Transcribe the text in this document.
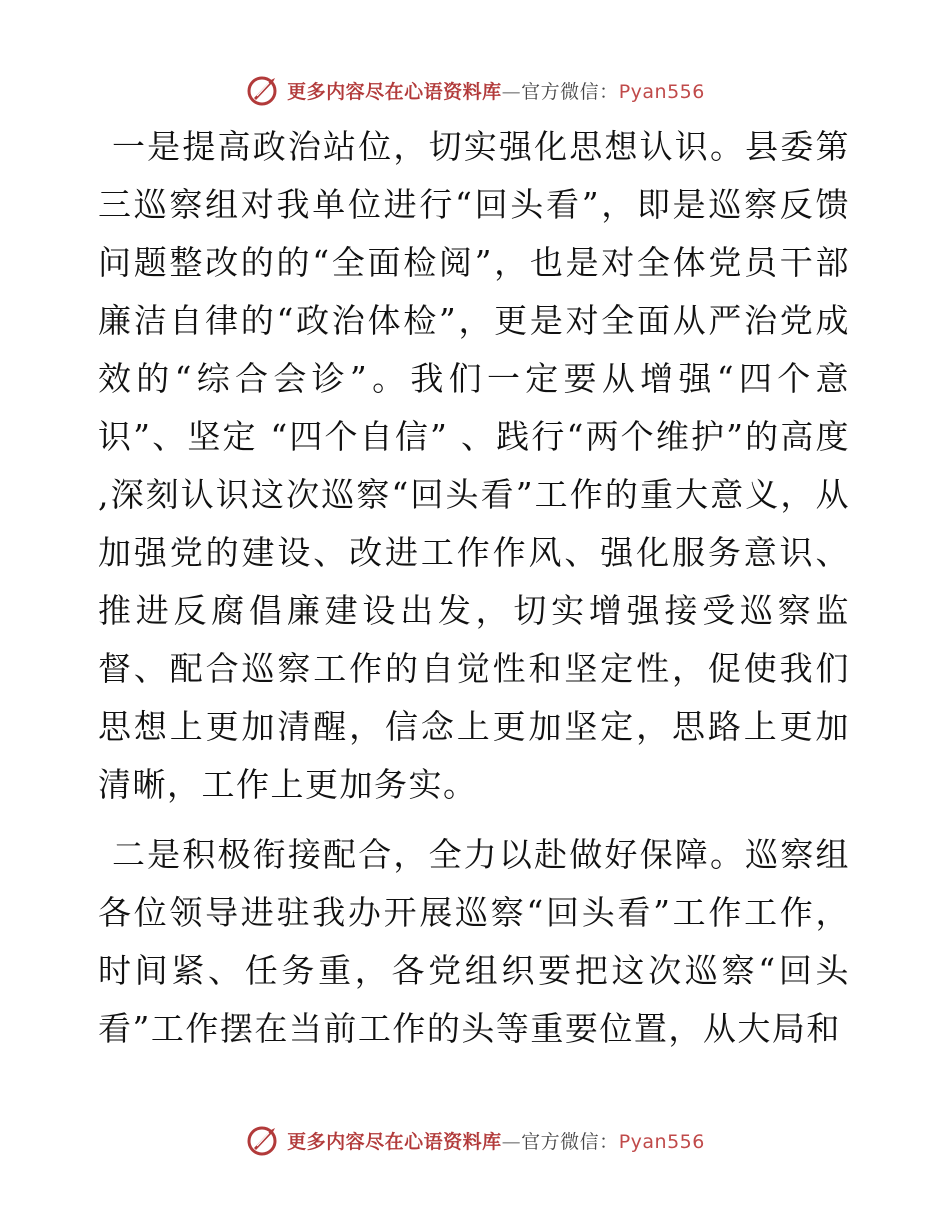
更多内容尽在心语资料库—官方微信：Pyan556

一是提高政治站位，切实强化思想认识。县委第三巡察组对我单位进行“回头看”，即是巡察反馈问题整改的的“全面检阅”，也是对全体党员干部廉洁自律的“政治体检”，更是对全面从严治党成效的“综合会诊”。我们一定要从增强“四个意识”、坚定 “四个自信” 、践行“两个维护”的高度 ,深刻认识这次巡察“回头看”工作的重大意义，从加强党的建设、改进工作作风、强化服务意识、推进反腐倡廉建设出发，切实增强接受巡察监督、配合巡察工作的自觉性和坚定性，促使我们思想上更加清醒，信念上更加坚定，思路上更加清晰，工作上更加务实。

二是积极衔接配合，全力以赴做好保障。巡察组各位领导进驻我办开展巡察“回头看”工作工作，时间紧、任务重，各党组织要把这次巡察“回头看”工作摆在当前工作的头等重要位置，从大局和

更多内容尽在心语资料库—官方微信：Pyan556
